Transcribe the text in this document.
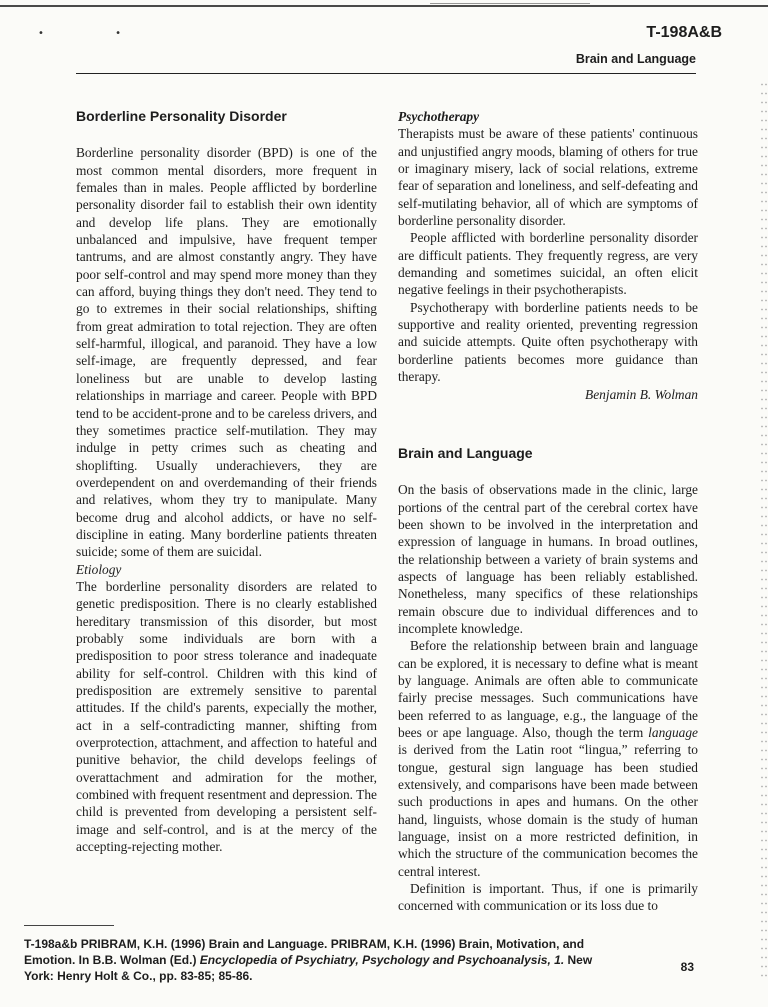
• •	T-198A&B
Brain and Language
Borderline Personality Disorder

Borderline personality disorder (BPD) is one of the most common mental disorders, more frequent in females than in males. People afflicted by borderline personality disorder fail to establish their own identity and develop life plans. They are emotionally unbalanced and impulsive, have frequent temper tantrums, and are almost constantly angry. They have poor self-control and may spend more money than they can afford, buying things they don't need. They tend to go to extremes in their social relationships, shifting from great admiration to total rejection. They are often self-harmful, illogical, and paranoid. They have a low self-image, are frequently depressed, and fear loneliness but are unable to develop lasting relationships in marriage and career. People with BPD tend to be accident-prone and to be careless drivers, and they sometimes practice self-mutilation. They may indulge in petty crimes such as cheating and shoplifting. Usually underachievers, they are overdependent on and overdemanding of their friends and relatives, whom they try to manipulate. Many become drug and alcohol addicts, or have no self-discipline in eating. Many borderline patients threaten suicide; some of them are suicidal.

Etiology

The borderline personality disorders are related to genetic predisposition. There is no clearly established hereditary transmission of this disorder, but most probably some individuals are born with a predisposition to poor stress tolerance and inadequate ability for self-control. Children with this kind of predisposition are extremely sensitive to parental attitudes. If the child's parents, expecially the mother, act in a self-contradicting manner, shifting from overprotection, attachment, and affection to hateful and punitive behavior, the child develops feelings of overattachment and admiration for the mother, combined with frequent resentment and depression. The child is prevented from developing a persistent self-image and self-control, and is at the mercy of the accepting-rejecting mother.

Psychotherapy

Therapists must be aware of these patients' continuous and unjustified angry moods, blaming of others for true or imaginary misery, lack of social relations, extreme fear of separation and loneliness, and self-defeating and self-mutilating behavior, all of which are symptoms of borderline personality disorder.

People afflicted with borderline personality disorder are difficult patients. They frequently regress, are very demanding and sometimes suicidal, an often elicit negative feelings in their psychotherapists.

Psychotherapy with borderline patients needs to be supportive and reality oriented, preventing regression and suicide attempts. Quite often psychotherapy with borderline patients becomes more guidance than therapy.

Benjamin B. Wolman

Brain and Language

On the basis of observations made in the clinic, large portions of the central part of the cerebral cortex have been shown to be involved in the interpretation and expression of language in humans. In broad outlines, the relationship between a variety of brain systems and aspects of language has been reliably established. Nonetheless, many specifics of these relationships remain obscure due to individual differences and to incomplete knowledge.

Before the relationship between brain and language can be explored, it is necessary to define what is meant by language. Animals are often able to communicate fairly precise messages. Such communications have been referred to as language, e.g., the language of the bees or ape language. Also, though the term language is derived from the Latin root “lingua,” referring to tongue, gestural sign language has been studied extensively, and comparisons have been made between such productions in apes and humans. On the other hand, linguists, whose domain is the study of human language, insist on a more restricted definition, in which the structure of the communication becomes the central interest.

Definition is important. Thus, if one is primarily concerned with communication or its loss due to

T-198a&b PRIBRAM, K.H. (1996) Brain and Language. PRIBRAM, K.H. (1996) Brain, Motivation, and Emotion. In B.B. Wolman (Ed.) Encyclopedia of Psychiatry, Psychology and Psychoanalysis, 1. New York: Henry Holt & Co., pp. 83-85; 85-86.
83
